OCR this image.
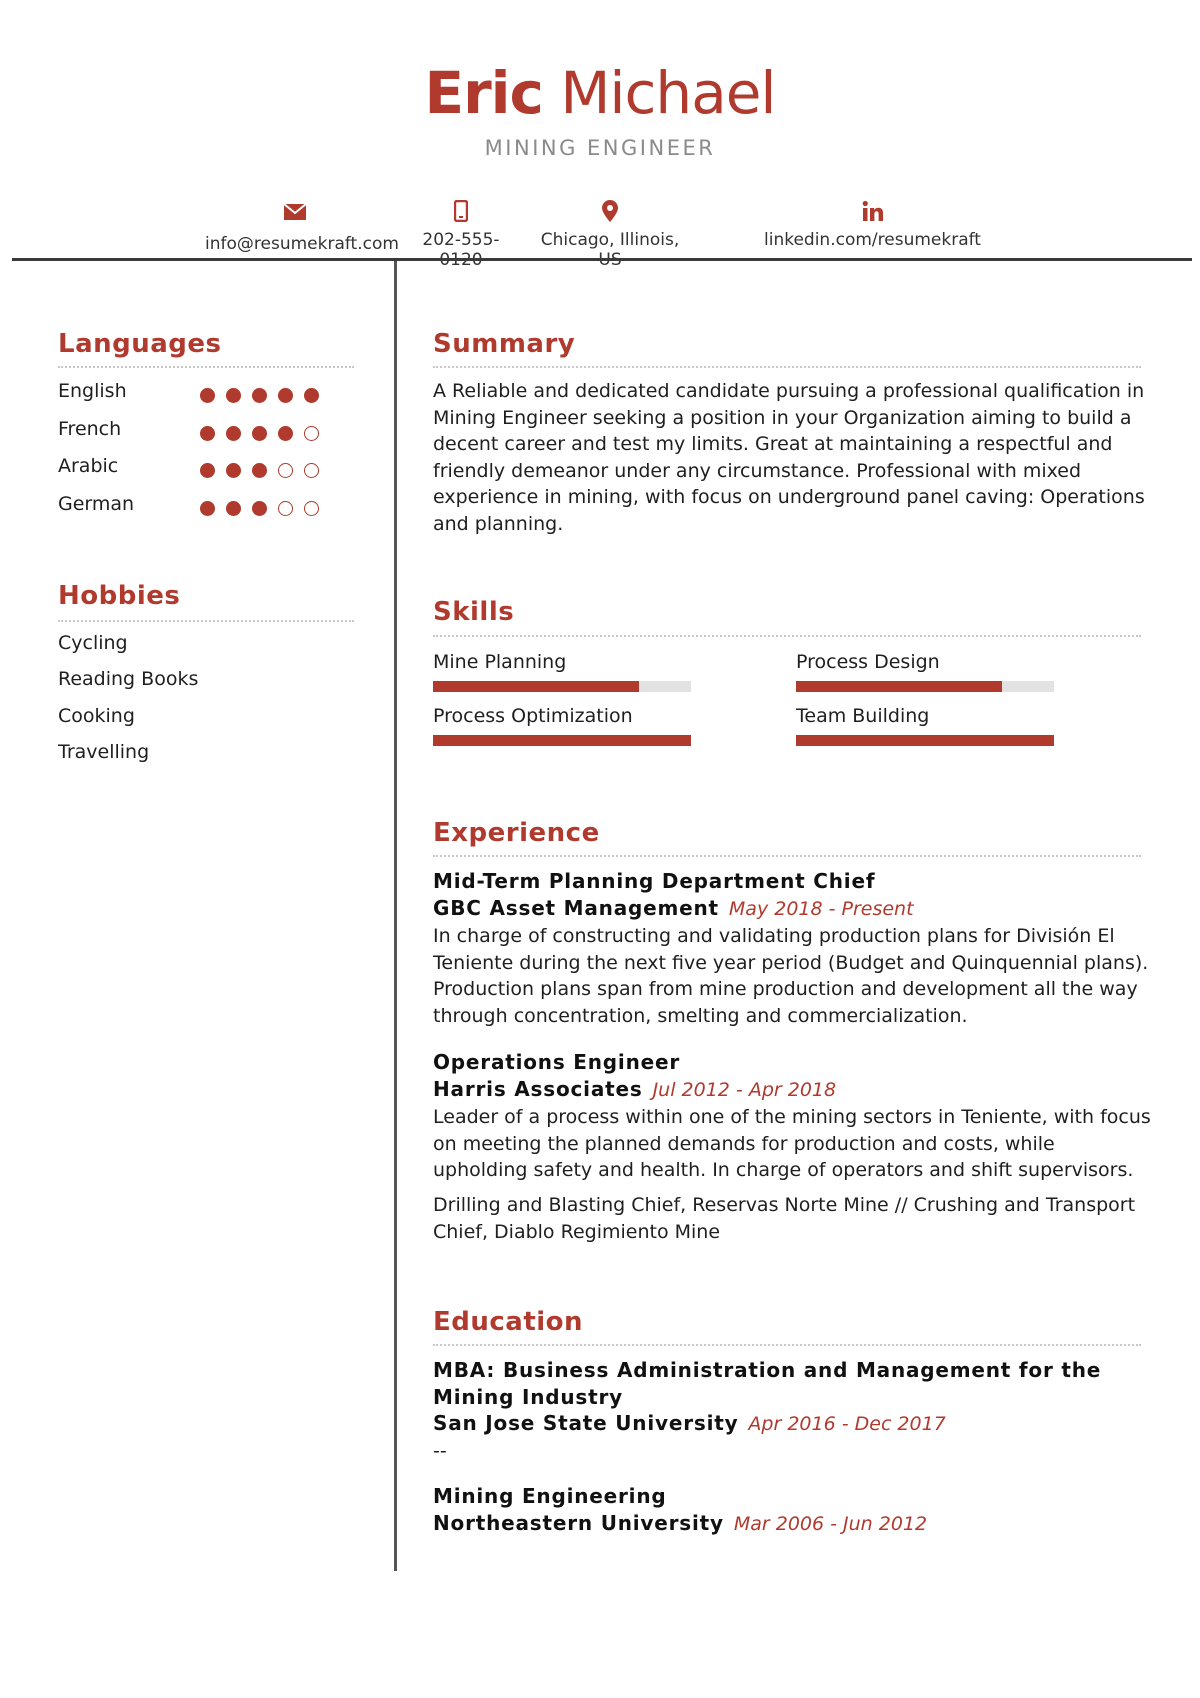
Eric Michael
MINING ENGINEER
info@resumekraft.com	202-555-	Chicago, Illinois,	linkedin.com/resumekraft
Languages
English
French
Arabic
German
Hobbies
Cycling
Reading Books
Cooking
Travelling
Summary
A Reliable and dedicated candidate pursuing a professional qualification in Mining Engineer seeking a position in your Organization aiming to build a decent career and test my limits. Great at maintaining a respectful and friendly demeanor under any circumstance. Professional with mixed experience in mining, with focus on underground panel caving: Operations and planning.
Skills
Mine Planning	Process Design
Process Optimization	Team Building
Experience
Mid-Term Planning Department Chief
GBC Asset Management May 2018 - Present
In charge of constructing and validating production plans for División El Teniente during the next five year period (Budget and Quinquennial plans). Production plans span from mine production and development all the way through concentration, smelting and commercialization.
Operations Engineer
Harris Associates Jul 2012 - Apr 2018
Leader of a process within one of the mining sectors in Teniente, with focus on meeting the planned demands for production and costs, while upholding safety and health. In charge of operators and shift supervisors.
Drilling and Blasting Chief, Reservas Norte Mine // Crushing and Transport Chief, Diablo Regimiento Mine
Education
MBA: Business Administration and Management for the Mining Industry
San Jose State University Apr 2016 - Dec 2017
--
Mining Engineering
Northeastern University Mar 2006 - Jun 2012
